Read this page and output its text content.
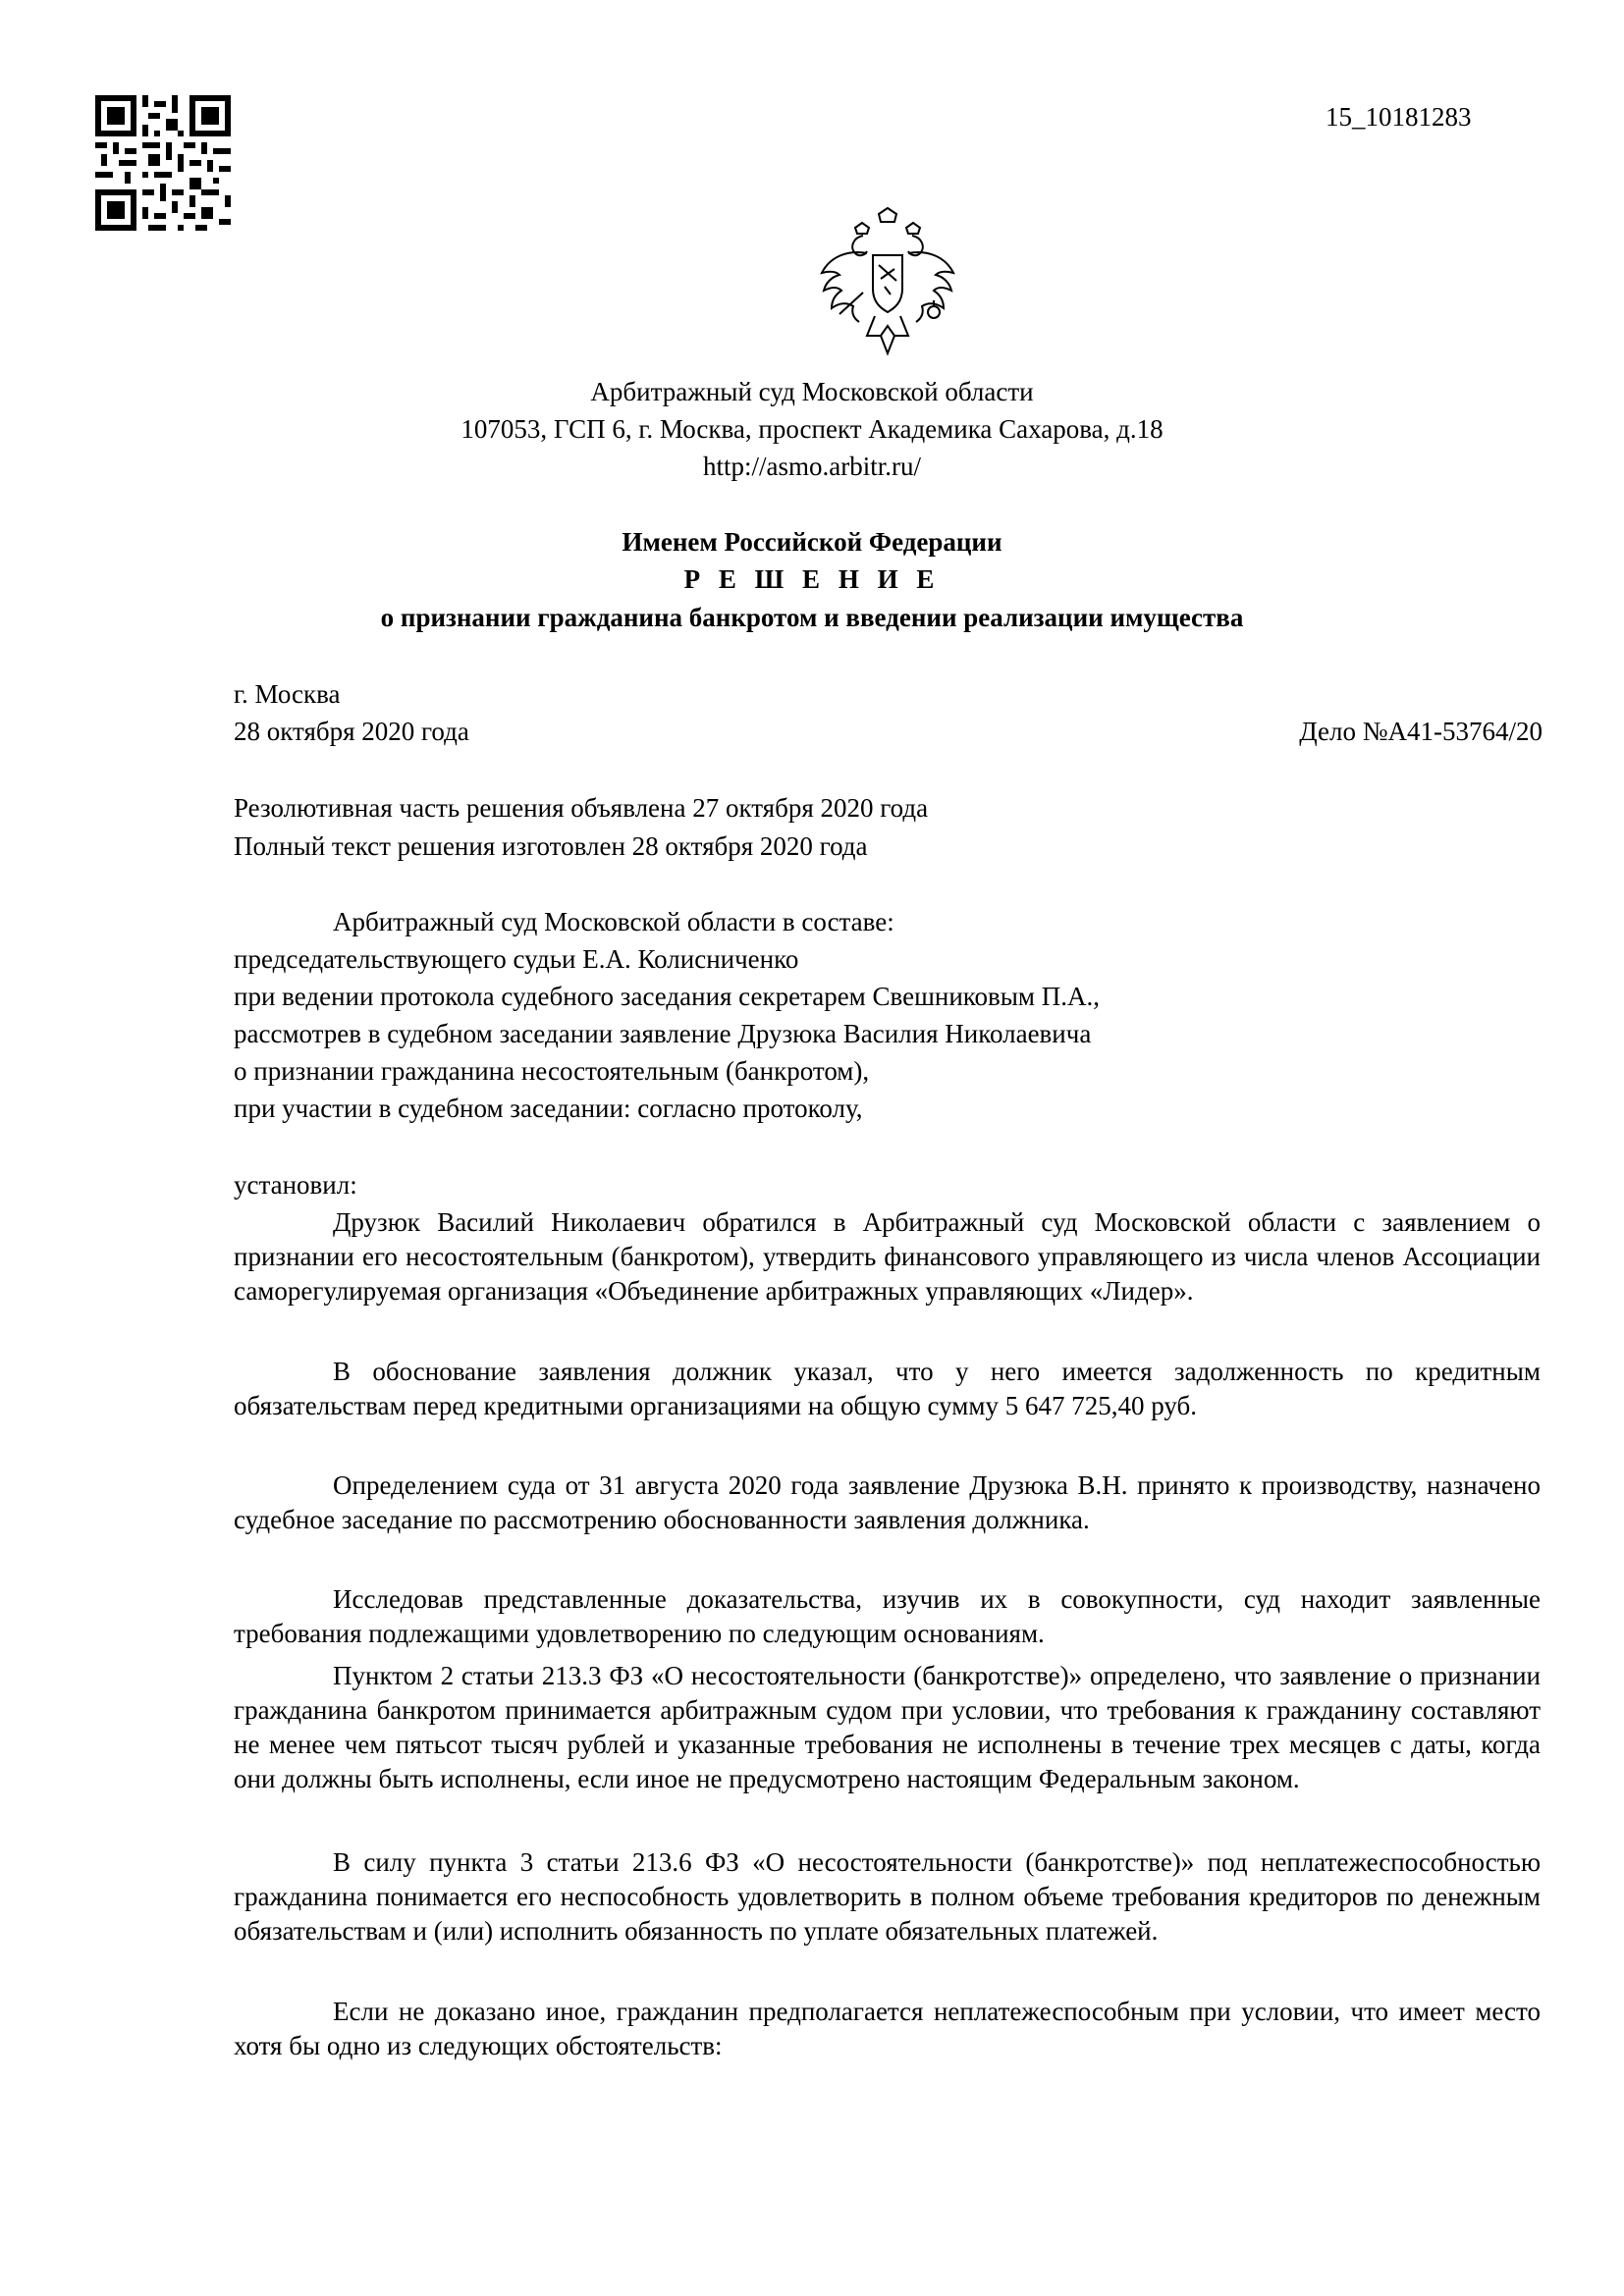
15_10181283
Арбитражный суд Московской области
107053, ГСП 6, г. Москва, проспект Академика Сахарова, д.18
http://asmo.arbitr.ru/
Именем Российской Федерации
Р Е Ш Е Н И Е
о признании гражданина банкротом и введении реализации имущества
г. Москва
28 октября 2020 года	Дело №А41-53764/20
Резолютивная часть решения объявлена 27 октября 2020 года
Полный текст решения изготовлен 28 октября 2020 года
Арбитражный суд Московской области в составе:
председательствующего судьи Е.А. Колисниченко
при ведении протокола судебного заседания секретарем Свешниковым П.А.,
рассмотрев в судебном заседании заявление Друзюка Василия Николаевича
о признании гражданина несостоятельным (банкротом),
при участии в судебном заседании: согласно протоколу,
установил:
Друзюк Василий Николаевич обратился в Арбитражный суд Московской области с заявлением о признании его несостоятельным (банкротом), утвердить финансового управляющего из числа членов Ассоциации саморегулируемая организация «Объединение арбитражных управляющих «Лидер».
В обоснование заявления должник указал, что у него имеется задолженность по кредитным обязательствам перед кредитными организациями на общую сумму 5 647 725,40 руб.
Определением суда от 31 августа 2020 года заявление Друзюка В.Н. принято к производству, назначено судебное заседание по рассмотрению обоснованности заявления должника.
Исследовав представленные доказательства, изучив их в совокупности, суд находит заявленные требования подлежащими удовлетворению по следующим основаниям.
Пунктом 2 статьи 213.3 ФЗ «О несостоятельности (банкротстве)» определено, что заявление о признании гражданина банкротом принимается арбитражным судом при условии, что требования к гражданину составляют не менее чем пятьсот тысяч рублей и указанные требования не исполнены в течение трех месяцев с даты, когда они должны быть исполнены, если иное не предусмотрено настоящим Федеральным законом.
В силу пункта 3 статьи 213.6 ФЗ «О несостоятельности (банкротстве)» под неплатежеспособностью гражданина понимается его неспособность удовлетворить в полном объеме требования кредиторов по денежным обязательствам и (или) исполнить обязанность по уплате обязательных платежей.
Если не доказано иное, гражданин предполагается неплатежеспособным при условии, что имеет место хотя бы одно из следующих обстоятельств:
